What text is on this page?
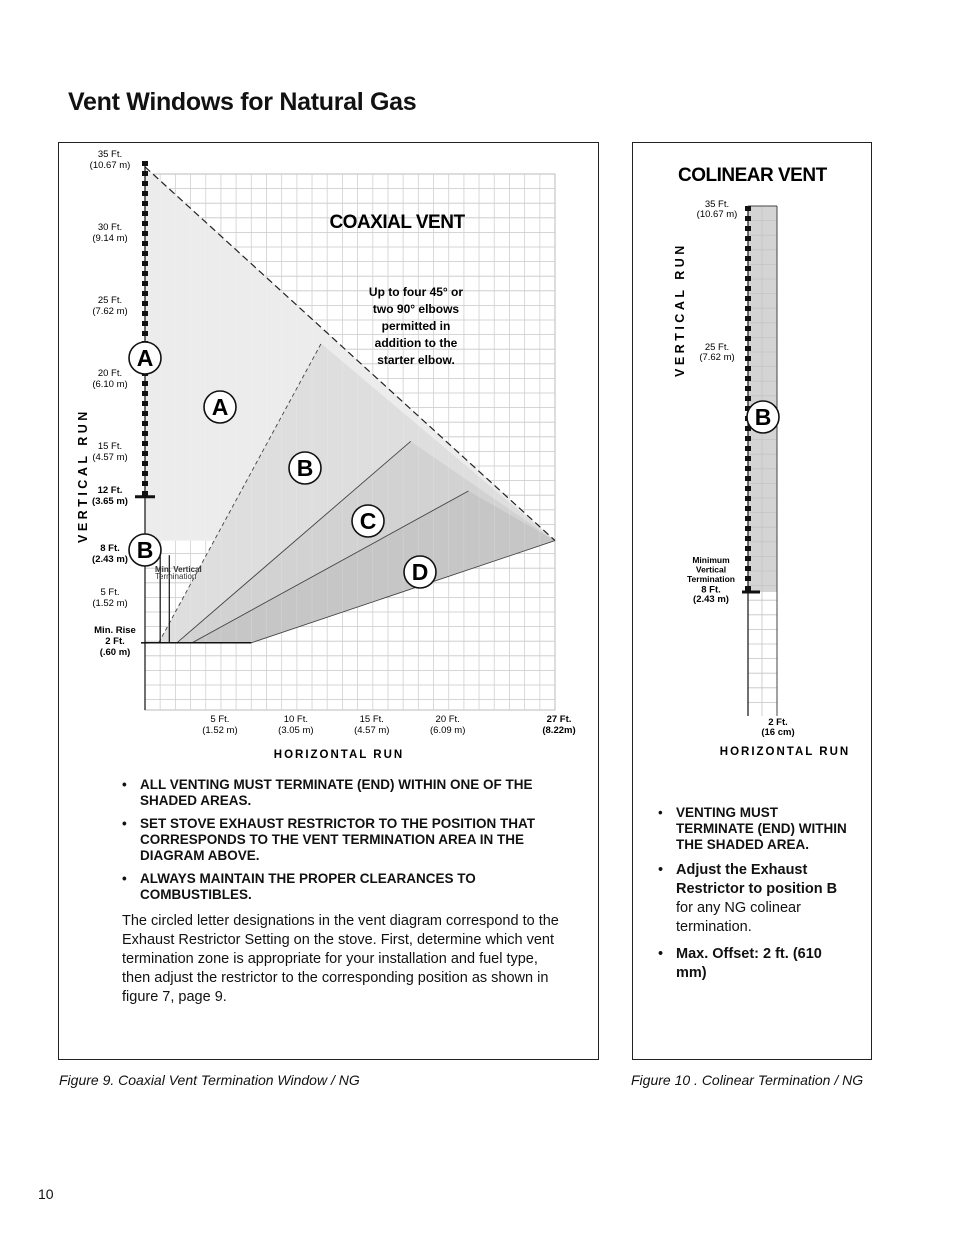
Vent Windows for Natural Gas
COAXIAL VENT
Up to four 45° or
two 90° elbows
permitted in
addition to the
starter elbow.
VERTICAL RUN
HORIZONTAL RUN
35 Ft.
(10.67 m)
30 Ft.
(9.14 m)
25 Ft.
(7.62 m)
20 Ft.
(6.10 m)
15 Ft.
(4.57 m)
12 Ft.
(3.65 m)
8 Ft.
(2.43 m)
5 Ft.
(1.52 m)
Min. Rise
2 Ft.
(.60 m)
5 Ft.
(1.52 m)
10 Ft.
(3.05 m)
15 Ft.
(4.57 m)
20 Ft.
(6.09 m)
27 Ft.
(8.22m)
Min. Vertical
Termination
A
B
A
B
C
D
• ALL VENTING MUST TERMINATE (END) WITHIN ONE OF THE SHADED AREAS.
• SET STOVE EXHAUST RESTRICTOR TO THE POSITION THAT CORRESPONDS TO THE VENT TERMINATION AREA IN THE DIAGRAM ABOVE.
• ALWAYS MAINTAIN THE PROPER CLEARANCES TO COMBUSTIBLES.
The circled letter designations in the vent diagram correspond to the Exhaust Restrictor Setting on the stove. First, determine which vent termination zone is appropriate for your installation and fuel type, then adjust the restrictor to the corresponding position as shown in figure 7, page 9.
Figure 9. Coaxial Vent Termination Window / NG
COLINEAR VENT
VERTICAL RUN
HORIZONTAL RUN
35 Ft.
(10.67 m)
25 Ft.
(7.62 m)
Minimum
Vertical
Termination
8 Ft.
(2.43 m)
2 Ft.
(16 cm)
B
• VENTING MUST TERMINATE (END) WITHIN THE SHADED AREA.
• Adjust the Exhaust Restrictor to position B for any NG colinear termination.
• Max. Offset: 2 ft. (610 mm)
Figure 10 . Colinear Termination / NG
10
